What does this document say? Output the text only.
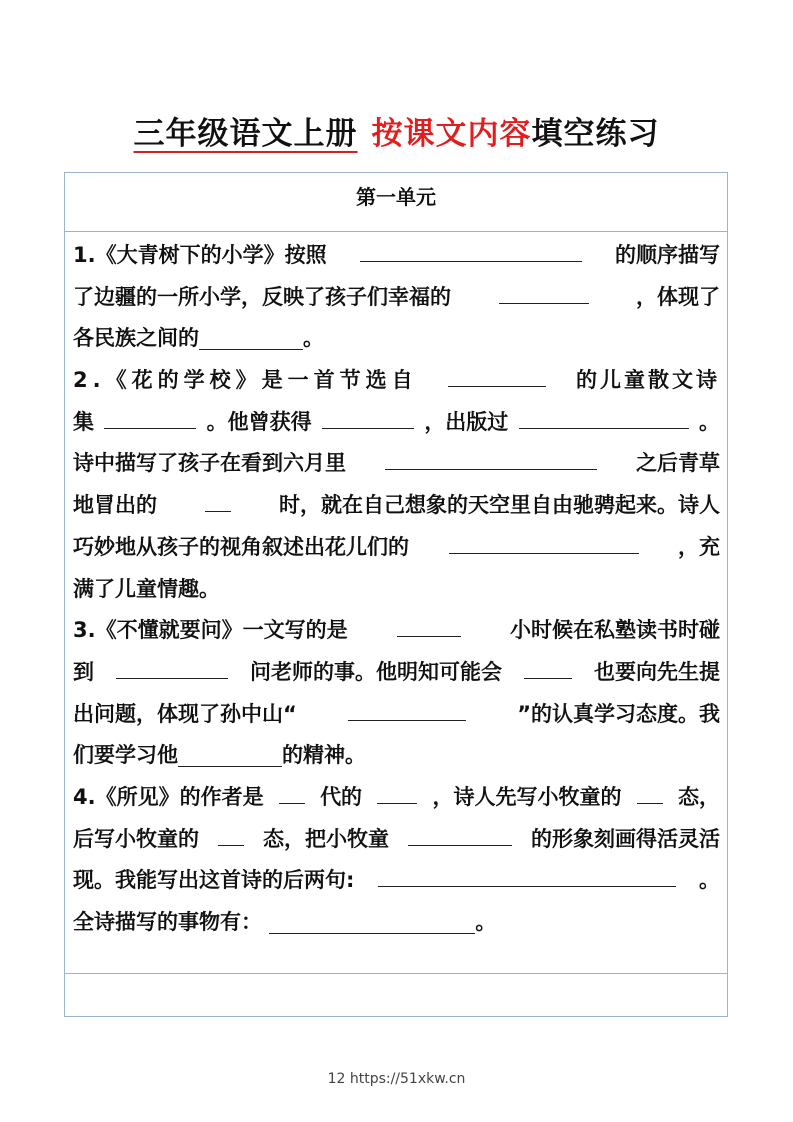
三年级语文上册 按课文内容填空练习
第一单元
1.《大青树下的小学》按照	的顺序描写
了边疆的一所小学，反映了孩子们幸福的	，体现了
各民族之间的	。
2.《花的学校》是一首节选自	的儿童散文诗
集	。他曾获得	，出版过	。
诗中描写了孩子在看到六月里	之后青草
地冒出的	时，就在自己想象的天空里自由驰骋起来。诗人
巧妙地从孩子的视角叙述出花儿们的	，充
满了儿童情趣。
3.《不懂就要问》一文写的是	小时候在私塾读书时碰
到	问老师的事。他明知可能会	也要向先生提
出问题，体现了孙中山“	”的认真学习态度。我
们要学习他	的精神。
4.《所见》的作者是	代的	，诗人先写小牧童的	态，
后写小牧童的	态，把小牧童	的形象刻画得活灵活
现。我能写出这首诗的后两句:	。
全诗描写的事物有：	。
12 https://51xkw.cn
